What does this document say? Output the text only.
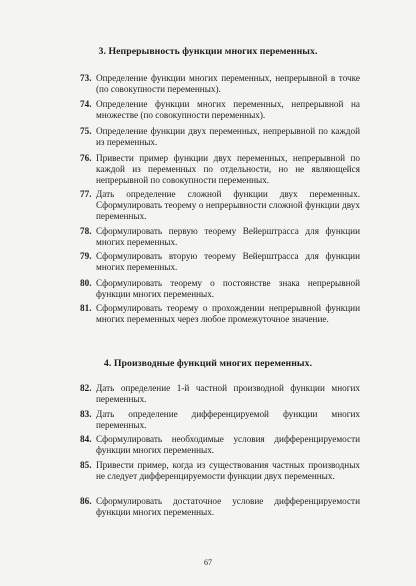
3. Непрерывность функции многих переменных.
73. Определение функции многих переменных, непрерывной в точке (по совокупности переменных).
74. Определение функции многих переменных, непрерывной на множестве (по совокупности переменных).
75. Определение функции двух переменных, непрерывной по каждой из переменных.
76. Привести пример функции двух переменных, непрерывной по каждой из переменных по отдельности, но не являющейся непрерывной по совокупности переменных.
77. Дать определение сложной функции двух переменных. Сформулировать теорему о непрерывности сложной функции двух переменных.
78. Сформулировать первую теорему Вейерштрасса для функции многих переменных.
79. Сформулировать вторую теорему Вейерштрасса для функции многих переменных.
80. Сформулировать теорему о постоянстве знака непрерывной функции многих переменных.
81. Сформулировать теорему о прохождении непрерывной функции многих переменных через любое промежуточное значение.
4. Производные функций многих переменных.
82. Дать определение 1-й частной производной функции многих переменных.
83. Дать определение дифференцируемой функции многих переменных.
84. Сформулировать необходимые условия дифференцируемости функции многих переменных.
85. Привести пример, когда из существования частных производных не следует дифференцируемости функции двух переменных.
86. Сформулировать достаточное условие дифференцируемости функции многих переменных.
67
